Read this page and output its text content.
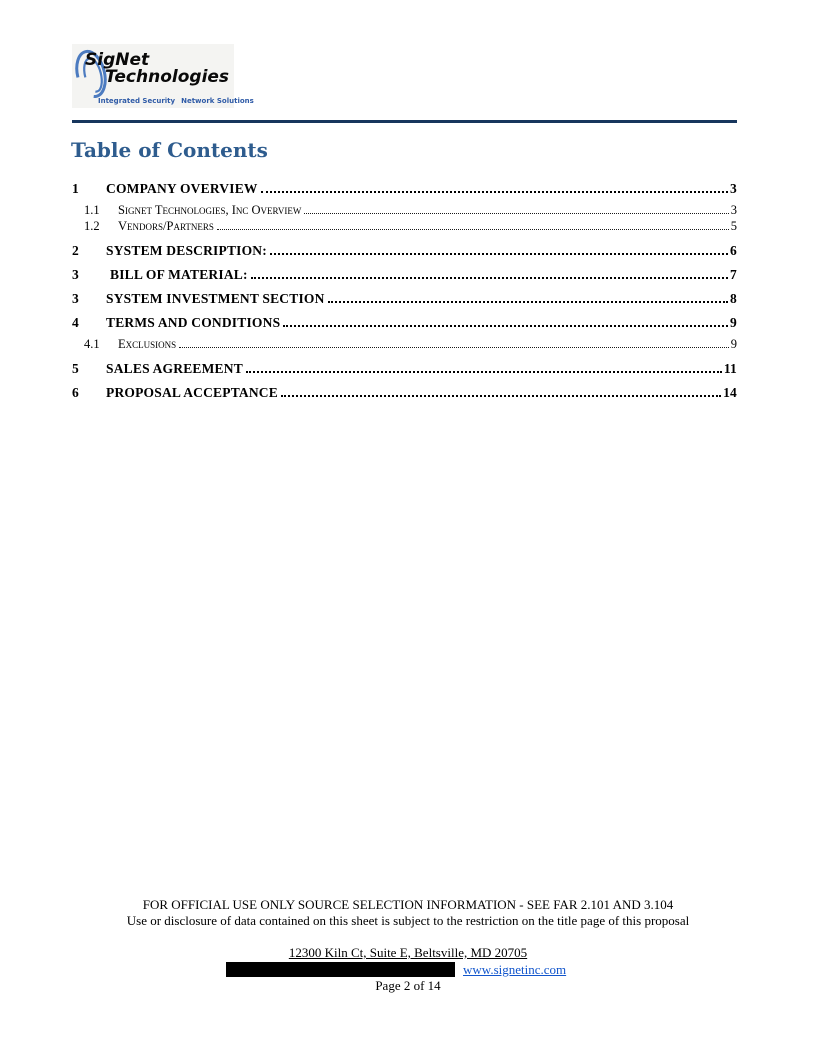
SigNet
Technologies
Integrated Security Network Solutions
Table of Contents
1	COMPANY OVERVIEW	3
1.1	Signet Technologies, Inc Overview	3
1.2	Vendors/Partners	5
2	SYSTEM DESCRIPTION:	6
3	BILL OF MATERIAL:	7
3	SYSTEM INVESTMENT SECTION	8
4	TERMS AND CONDITIONS	9
4.1	Exclusions	9
5	SALES AGREEMENT	11
6	PROPOSAL ACCEPTANCE	14
FOR OFFICIAL USE ONLY SOURCE SELECTION INFORMATION - SEE FAR 2.101 AND 3.104
Use or disclosure of data contained on this sheet is subject to the restriction on the title page of this proposal
12300 Kiln Ct, Suite E, Beltsville, MD 20705
www.signetinc.com
Page 2 of 14
